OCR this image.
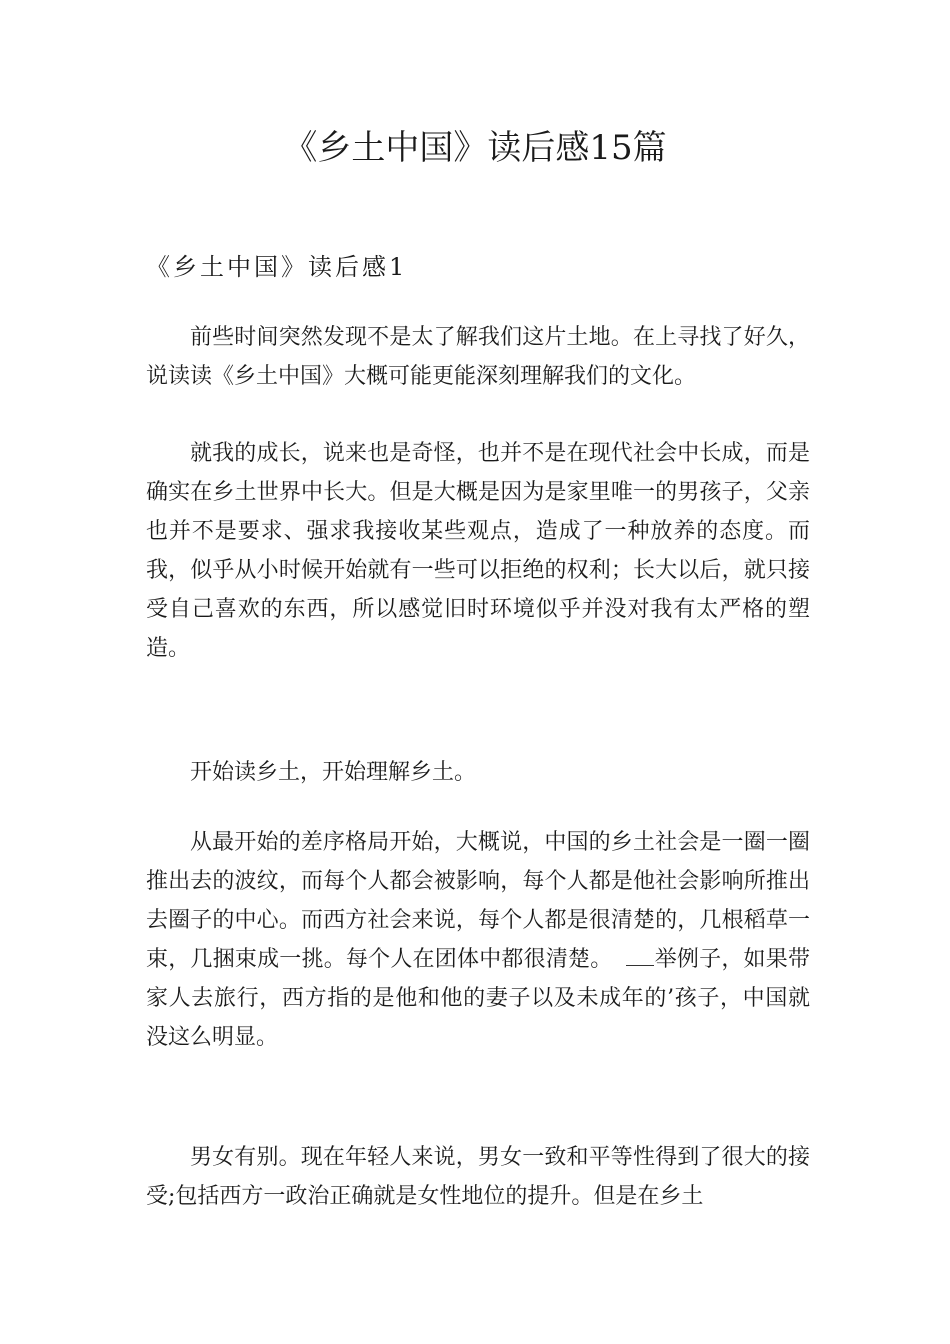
《乡土中国》读后感15篇
《乡土中国》读后感1

前些时间突然发现不是太了解我们这片土地。在上寻找了好久，说读读《乡土中国》大概可能更能深刻理解我们的文化。

就我的成长，说来也是奇怪，也并不是在现代社会中长成，而是确实在乡土世界中长大。但是大概是因为是家里唯一的男孩子，父亲也并不是要求、强求我接收某些观点，造成了一种放养的态度。而我，似乎从小时候开始就有一些可以拒绝的权利；长大以后，就只接受自己喜欢的东西，所以感觉旧时环境似乎并没对我有太严格的塑造。

开始读乡土，开始理解乡土。

从最开始的差序格局开始，大概说，中国的乡土社会是一圈一圈推出去的波纹，而每个人都会被影响，每个人都是他社会影响所推出去圈子的中心。而西方社会来说，每个人都是很清楚的，几根稻草一束，几捆束成一挑。每个人在团体中都很清楚。 举例子，如果带家人去旅行，西方指的是他和他的妻子以及未成年的’孩子，中国就没这么明显。

男女有别。现在年轻人来说，男女一致和平等性得到了很大的接受;包括西方一政治正确就是女性地位的提升。但是在乡土
